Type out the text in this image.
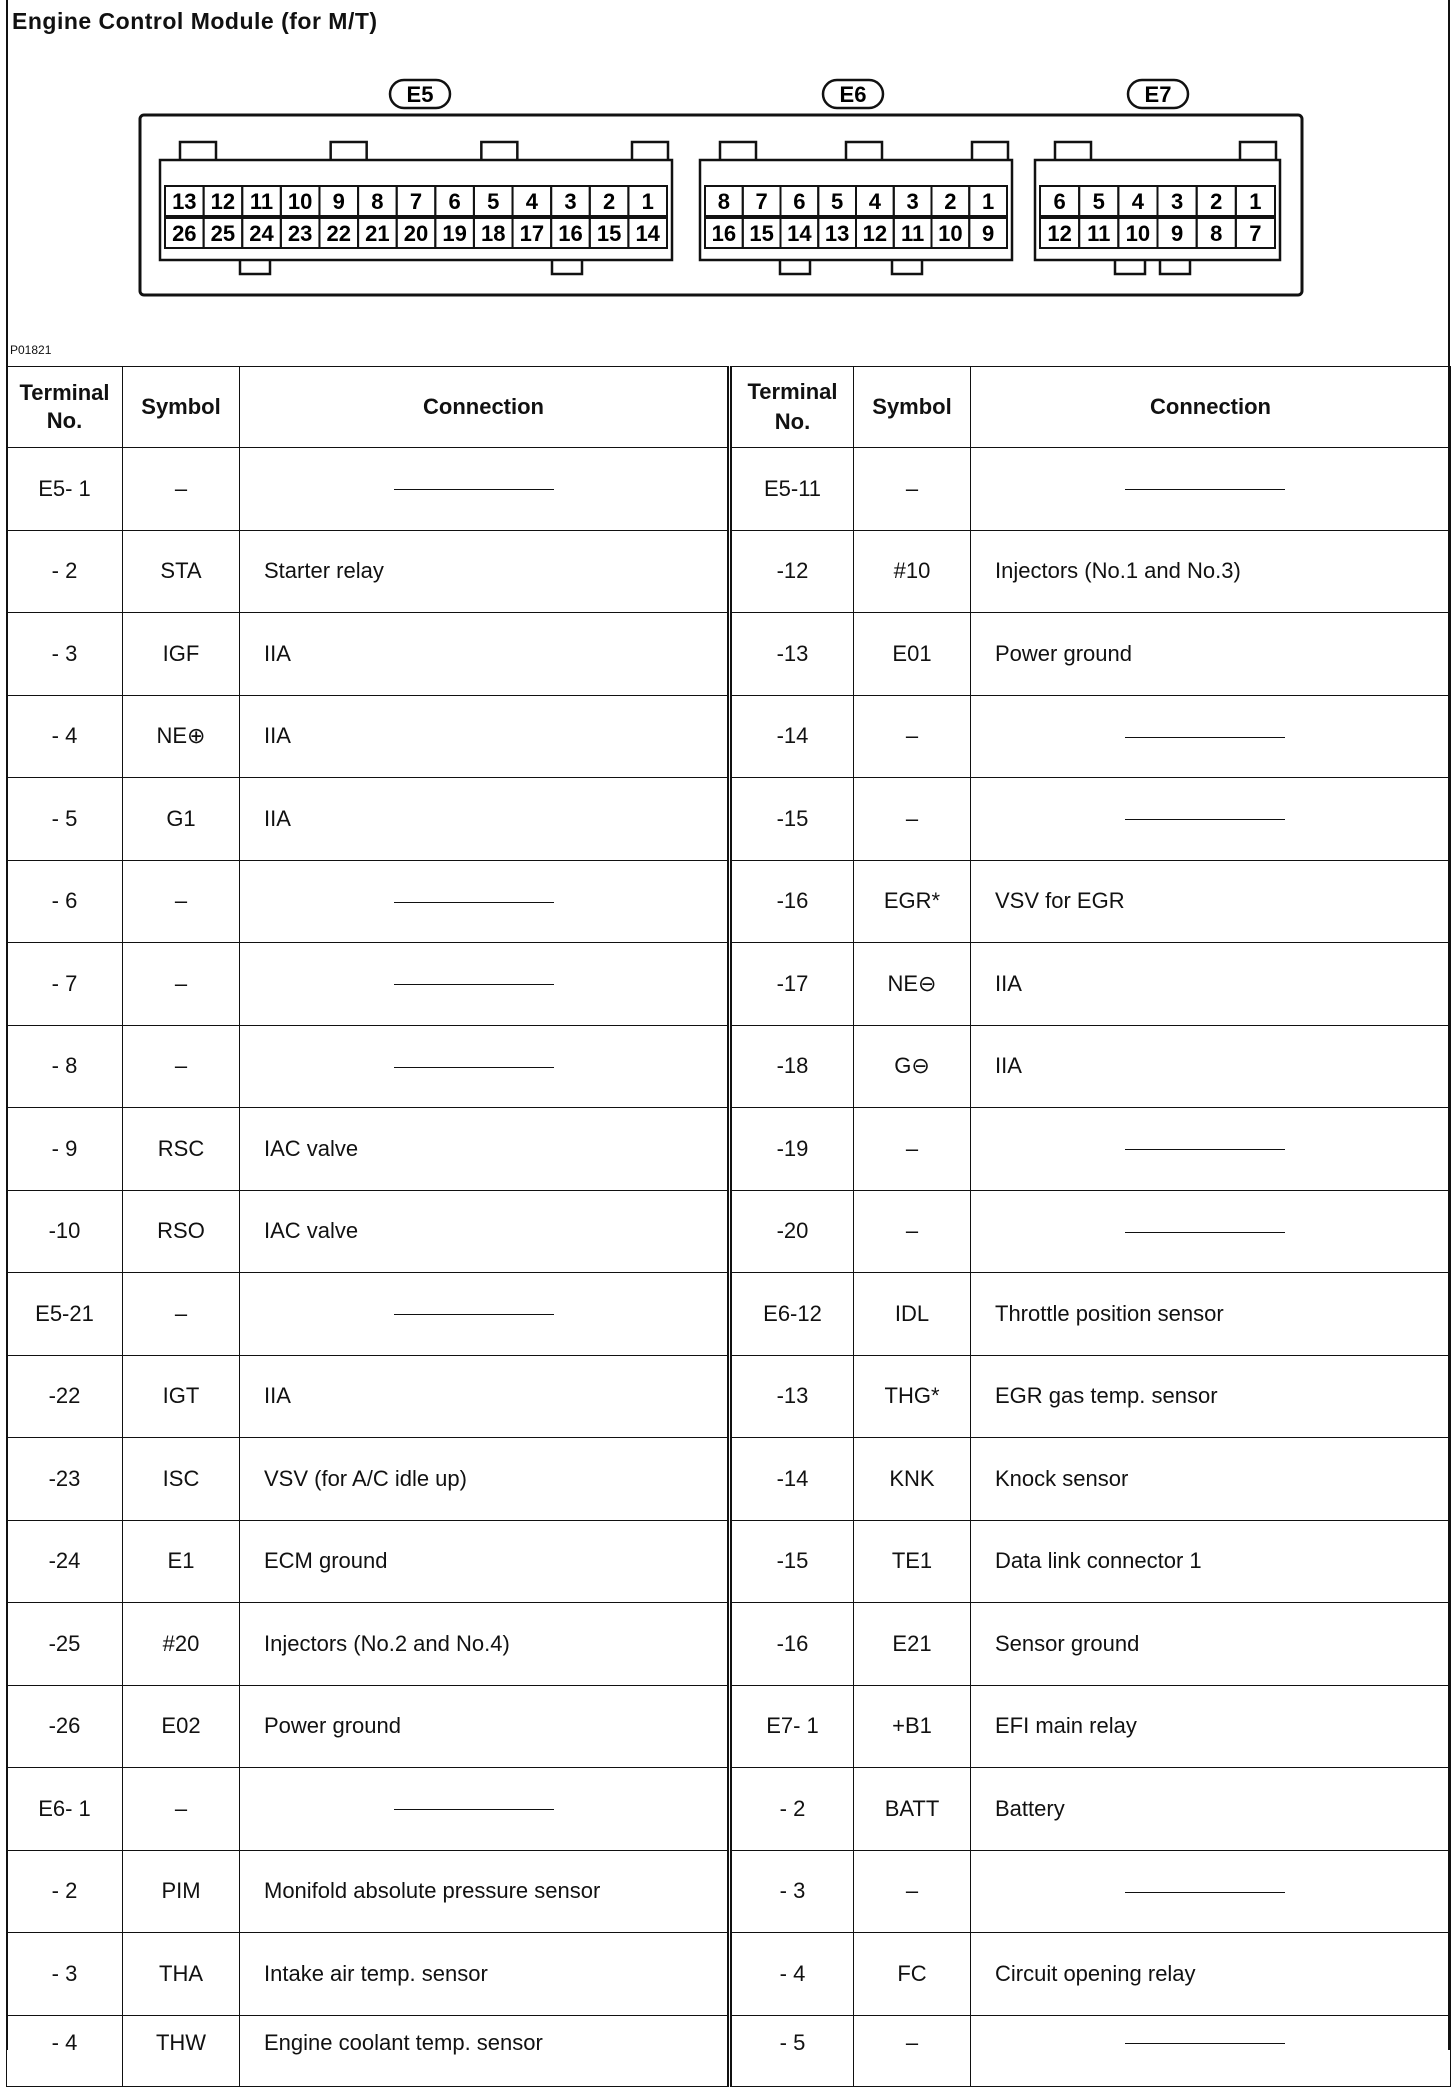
Engine Control Module (for M/T)
E5
13 12 11 10 9 8 7 6 5 4 3 2 1
26 25 24 23 22 21 20 19 18 17 16 15 14
E6
8 7 6 5 4 3 2 1
16 15 14 13 12 11 10 9
E7
6 5 4 3 2 1
12 11 10 9 8 7
P01821
Terminal No.	Symbol	Connection	Terminal No.	Symbol	Connection
E5- 1	–		E5-11	–	
- 2	STA	Starter relay	-12	#10	Injectors (No.1 and No.3)
- 3	IGF	IIA	-13	E01	Power ground
- 4	NE⊕	IIA	-14	–	
- 5	G1	IIA	-15	–	
- 6	–		-16	EGR*	VSV for EGR
- 7	–		-17	NE⊖	IIA
- 8	–		-18	G⊖	IIA
- 9	RSC	IAC valve	-19	–	
-10	RSO	IAC valve	-20	–	
E5-21	–		E6-12	IDL	Throttle position sensor
-22	IGT	IIA	-13	THG*	EGR gas temp. sensor
-23	ISC	VSV (for A/C idle up)	-14	KNK	Knock sensor
-24	E1	ECM ground	-15	TE1	Data link connector 1
-25	#20	Injectors (No.2 and No.4)	-16	E21	Sensor ground
-26	E02	Power ground	E7- 1	+B1	EFI main relay
E6- 1	–		- 2	BATT	Battery
- 2	PIM	Monifold absolute pressure sensor	- 3	–	
- 3	THA	Intake air temp. sensor	- 4	FC	Circuit opening relay
- 4	THW	Engine coolant temp. sensor	- 5	–	
